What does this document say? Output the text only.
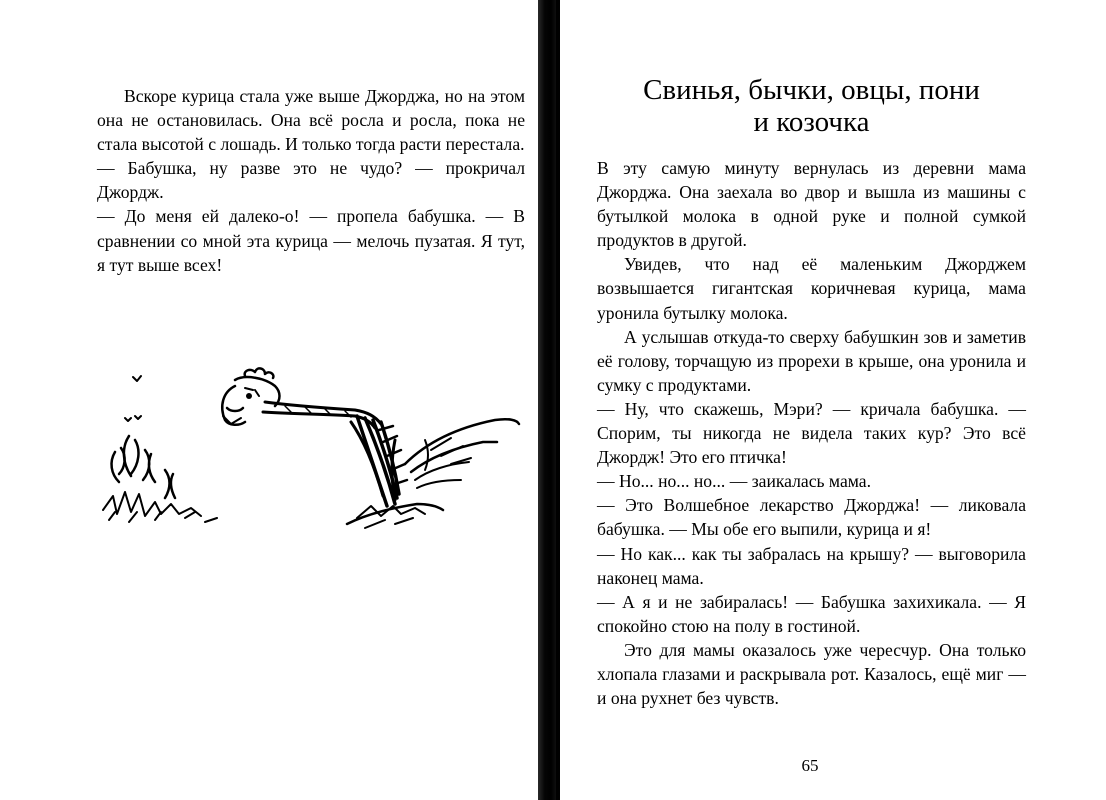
Вскоре курица стала уже выше Джорджа, но на этом она не остановилась. Она всё росла и росла, пока не стала высотой с лошадь. И только тогда расти перестала.

— Бабушка, ну разве это не чудо? — прокричал Джордж.

— До меня ей далеко-о! — пропела бабушка. — В сравнении со мной эта курица — мелочь пузатая. Я тут, я тут выше всех!

Свинья, бычки, овцы, пони
и козочка

В эту самую минуту вернулась из деревни мама Джорджа. Она заехала во двор и вышла из машины с бутылкой молока в одной руке и полной сумкой продуктов в другой.

Увидев, что над её маленьким Джорджем возвышается гигантская коричневая курица, мама уронила бутылку молока.

А услышав откуда-то сверху бабушкин зов и заметив её голову, торчащую из прорехи в крыше, она уронила и сумку с продуктами.

— Ну, что скажешь, Мэри? — кричала бабушка. — Спорим, ты никогда не видела таких кур? Это всё Джордж! Это его птичка!

— Но... но... но... — заикалась мама.

— Это Волшебное лекарство Джорджа! — ликовала бабушка. — Мы обе его выпили, курица и я!

— Но как... как ты забралась на крышу? — выговорила наконец мама.

— А я и не забиралась! — Бабушка захихикала. — Я спокойно стою на полу в гостиной.

Это для мамы оказалось уже чересчур. Она только хлопала глазами и раскрывала рот. Казалось, ещё миг — и она рухнет без чувств.

65
